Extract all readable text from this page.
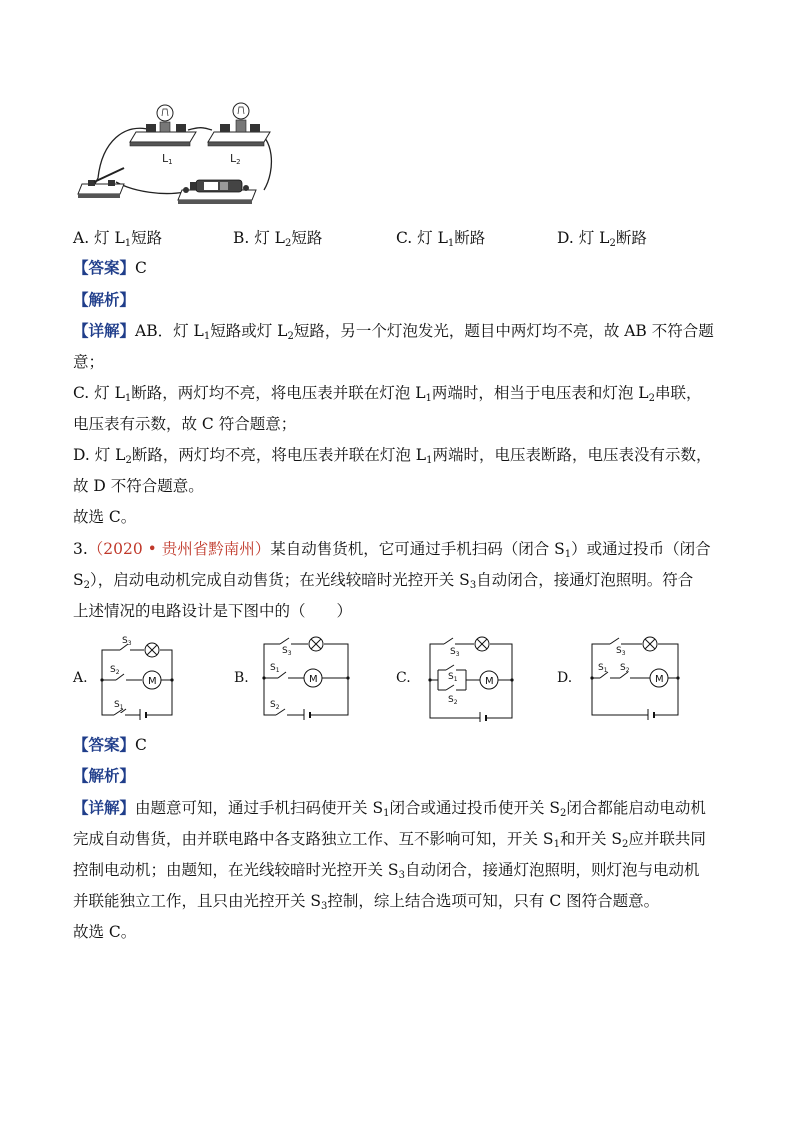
L1	L2
A. 灯 $L_1$短路	B. 灯 $L_2$短路	C. 灯 $L_1$断路	D. 灯 $L_2$断路
【答案】C
【解析】
【详解】AB．灯 $L_1$短路或灯 $L_2$短路，另一个灯泡发光，题目中两灯均不亮，故 AB 不符合题
意；
C. 灯 $L_1$断路，两灯均不亮，将电压表并联在灯泡 $L_1$两端时，相当于电压表和灯泡 $L_2$串联，
电压表有示数，故 C 符合题意；
D. 灯 $L_2$断路，两灯均不亮，将电压表并联在灯泡 $L_1$两端时，电压表断路，电压表没有示数，
故 D 不符合题意。
故选 C。
3.（2020 • 贵州省黔南州）某自动售货机，它可通过手机扫码（闭合 $S_1$）或通过投币（闭合
$S_2$），启动电动机完成自动售货；在光线较暗时光控开关 $S_3$自动闭合，接通灯泡照明。符合
上述情况的电路设计是下图中的（　　）
A.	B.	C.	D.
$S_3$
$S_2$
M
$S_1$
$S_3$
$S_1$
M
$S_2$
$S_3$
$S_1$	M
$S_2$
$S_3$
$S_1$ $S_2$
M
【答案】C
【解析】
【详解】由题意可知，通过手机扫码使开关 $S_1$闭合或通过投币使开关 $S_2$闭合都能启动电动机
完成自动售货，由并联电路中各支路独立工作、互不影响可知，开关 $S_1$和开关 $S_2$应并联共同
控制电动机；由题知，在光线较暗时光控开关 $S_3$自动闭合，接通灯泡照明，则灯泡与电动机
并联能独立工作，且只由光控开关 $S_3$控制，综上结合选项可知，只有 C 图符合题意。
故选 C。
